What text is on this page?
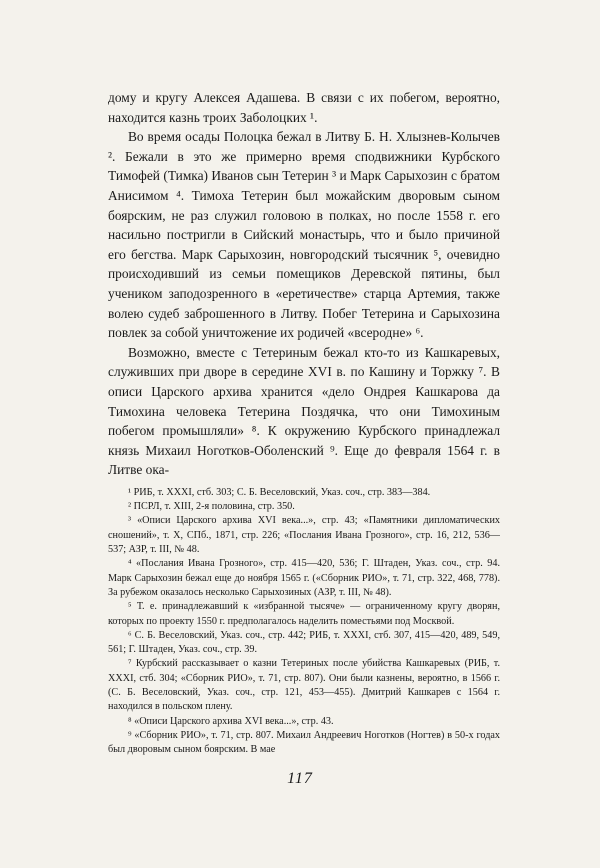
дому и кругу Алексея Адашева. В связи с их побегом, вероятно, находится казнь троих Заболоцких ¹.

Во время осады Полоцка бежал в Литву Б. Н. Хлызнев-Колычев ². Бежали в это же примерно время сподвижники Курбского Тимофей (Тимка) Иванов сын Тетерин ³ и Марк Сарыхозин с братом Анисимом ⁴. Тимоха Тетерин был можайским дворовым сыном боярским, не раз служил головою в полках, но после 1558 г. его насильно постригли в Сийский монастырь, что и было причиной его бегства. Марк Сарыхозин, новгородский тысячник ⁵, очевидно происходивший из семьи помещиков Деревской пятины, был учеником заподозренного в «еретичестве» старца Артемия, также волею судеб заброшенного в Литву. Побег Тетерина и Сарыхозина повлек за собой уничтожение их родичей «всеродне» ⁶.

Возможно, вместе с Тетериным бежал кто-то из Кашкаревых, служивших при дворе в середине XVI в. по Кашину и Торжку ⁷. В описи Царского архива хранится «дело Ондрея Кашкарова да Тимохина человека Тетерина Поздячка, что они Тимохиным побегом промышляли» ⁸. К окружению Курбского принадлежал князь Михаил Ноготков-Оболенский ⁹. Еще до февраля 1564 г. в Литве ока-

¹ РИБ, т. XXXI, стб. 303; С. Б. Веселовский, Указ. соч., стр. 383—384.

² ПСРЛ, т. XIII, 2-я половина, стр. 350.

³ «Описи Царского архива XVI века...», стр. 43; «Памятники дипломатических сношений», т. X, СПб., 1871, стр. 226; «Послания Ивана Грозного», стр. 16, 212, 536—537; АЗР, т. III, № 48.

⁴ «Послания Ивана Грозного», стр. 415—420, 536; Г. Штаден, Указ. соч., стр. 94. Марк Сарыхозин бежал еще до ноября 1565 г. («Сборник РИО», т. 71, стр. 322, 468, 778). За рубежом оказалось несколько Сарыхозиных (АЗР, т. III, № 48).

⁵ Т. е. принадлежавший к «избранной тысяче» — ограниченному кругу дворян, которых по проекту 1550 г. предполагалось наделить поместьями под Москвой.

⁶ С. Б. Веселовский, Указ. соч., стр. 442; РИБ, т. XXXI, стб. 307, 415—420, 489, 549, 561; Г. Штаден, Указ. соч., стр. 39.

⁷ Курбский рассказывает о казни Тетериных после убийства Кашкаревых (РИБ, т. XXXI, стб. 304; «Сборник РИО», т. 71, стр. 807). Они были казнены, вероятно, в 1566 г. (С. Б. Веселовский, Указ. соч., стр. 121, 453—455). Дмитрий Кашкарев с 1564 г. находился в польском плену.

⁸ «Описи Царского архива XVI века...», стр. 43.

⁹ «Сборник РИО», т. 71, стр. 807. Михаил Андреевич Ноготков (Ногтев) в 50-х годах был дворовым сыном боярским. В мае

117
